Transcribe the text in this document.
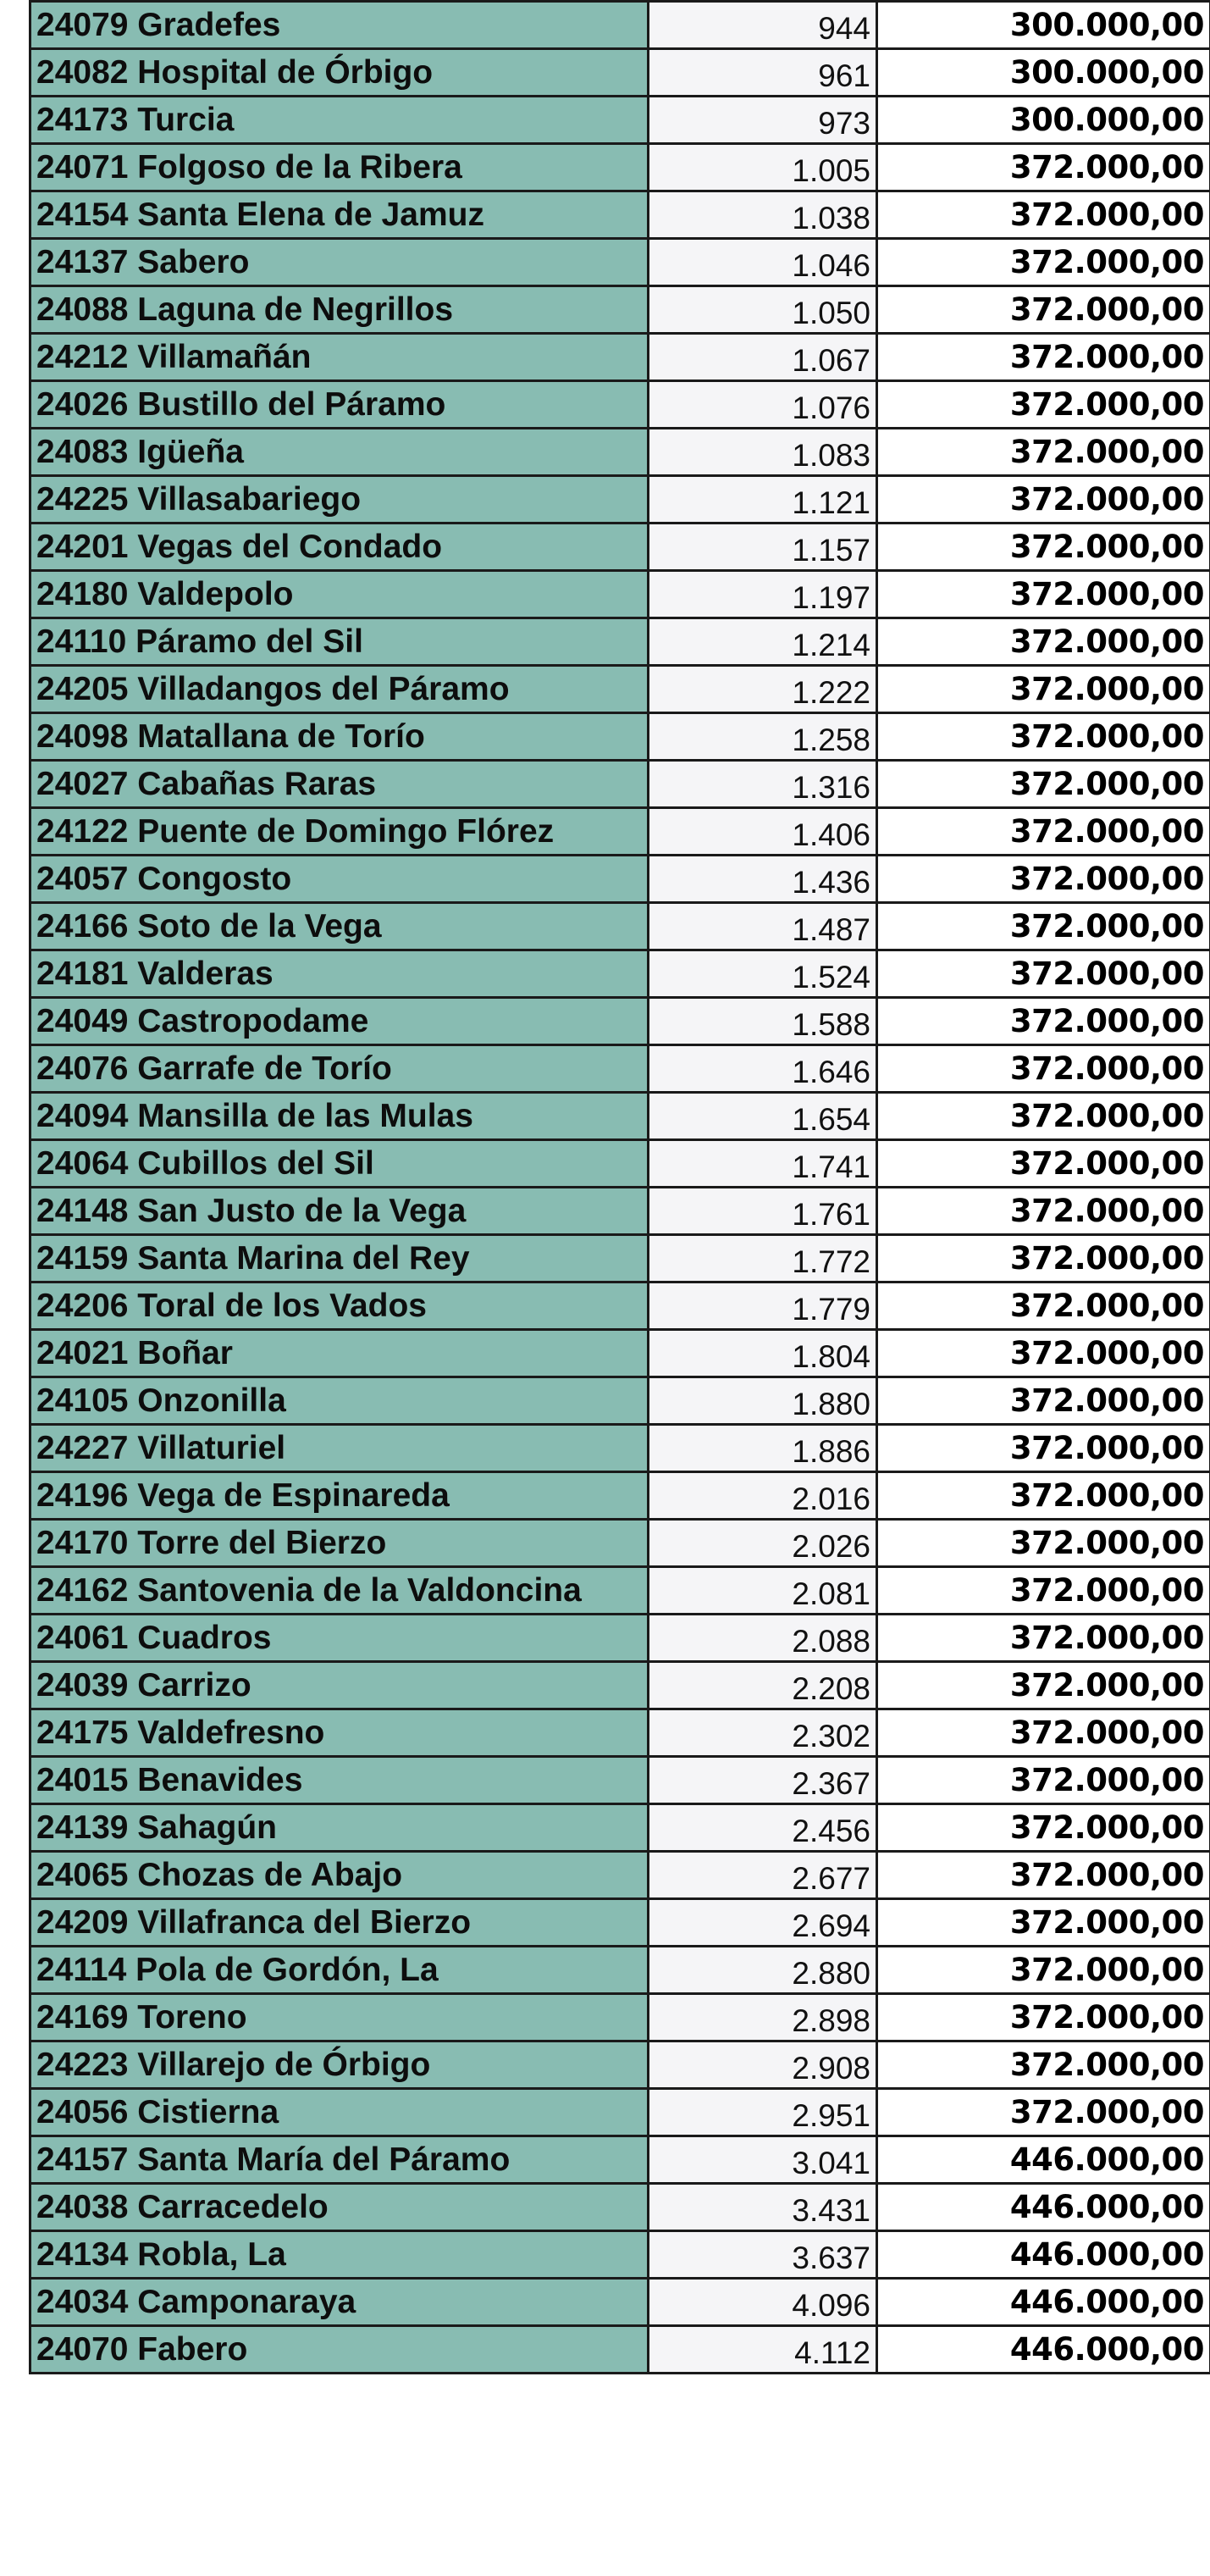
24079 Gradefes	944	300.000,00
24082 Hospital de Órbigo	961	300.000,00
24173 Turcia	973	300.000,00
24071 Folgoso de la Ribera	1.005	372.000,00
24154 Santa Elena de Jamuz	1.038	372.000,00
24137 Sabero	1.046	372.000,00
24088 Laguna de Negrillos	1.050	372.000,00
24212 Villamañán	1.067	372.000,00
24026 Bustillo del Páramo	1.076	372.000,00
24083 Igüeña	1.083	372.000,00
24225 Villasabariego	1.121	372.000,00
24201 Vegas del Condado	1.157	372.000,00
24180 Valdepolo	1.197	372.000,00
24110 Páramo del Sil	1.214	372.000,00
24205 Villadangos del Páramo	1.222	372.000,00
24098 Matallana de Torío	1.258	372.000,00
24027 Cabañas Raras	1.316	372.000,00
24122 Puente de Domingo Flórez	1.406	372.000,00
24057 Congosto	1.436	372.000,00
24166 Soto de la Vega	1.487	372.000,00
24181 Valderas	1.524	372.000,00
24049 Castropodame	1.588	372.000,00
24076 Garrafe de Torío	1.646	372.000,00
24094 Mansilla de las Mulas	1.654	372.000,00
24064 Cubillos del Sil	1.741	372.000,00
24148 San Justo de la Vega	1.761	372.000,00
24159 Santa Marina del Rey	1.772	372.000,00
24206 Toral de los Vados	1.779	372.000,00
24021 Boñar	1.804	372.000,00
24105 Onzonilla	1.880	372.000,00
24227 Villaturiel	1.886	372.000,00
24196 Vega de Espinareda	2.016	372.000,00
24170 Torre del Bierzo	2.026	372.000,00
24162 Santovenia de la Valdoncina	2.081	372.000,00
24061 Cuadros	2.088	372.000,00
24039 Carrizo	2.208	372.000,00
24175 Valdefresno	2.302	372.000,00
24015 Benavides	2.367	372.000,00
24139 Sahagún	2.456	372.000,00
24065 Chozas de Abajo	2.677	372.000,00
24209 Villafranca del Bierzo	2.694	372.000,00
24114 Pola de Gordón, La	2.880	372.000,00
24169 Toreno	2.898	372.000,00
24223 Villarejo de Órbigo	2.908	372.000,00
24056 Cistierna	2.951	372.000,00
24157 Santa María del Páramo	3.041	446.000,00
24038 Carracedelo	3.431	446.000,00
24134 Robla, La	3.637	446.000,00
24034 Camponaraya	4.096	446.000,00
24070 Fabero	4.112	446.000,00
